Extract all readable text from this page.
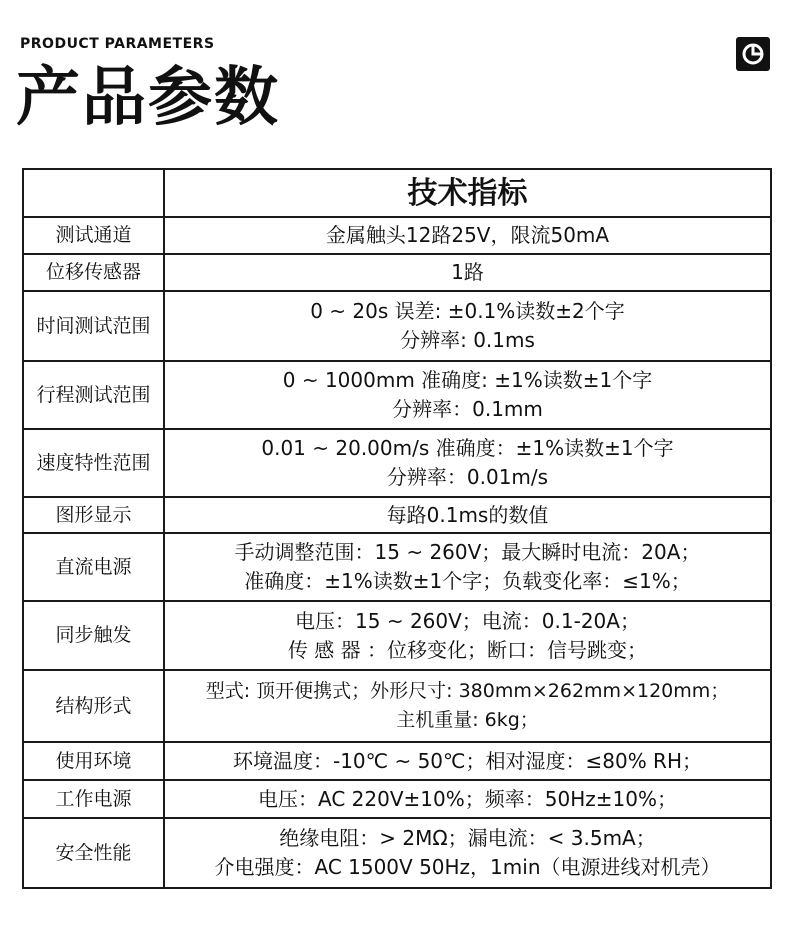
PRODUCT PARAMETERS
产品参数
	技术指标
测试通道	金属触头12路25V，限流50mA

位移传感器	1路

时间测试范围	0 ~ 20s 误差: ±0.1%读数±2个字
分辨率: 0.1ms

行程测试范围	0 ~ 1000mm 准确度: ±1%读数±1个字
分辨率：0.1mm

速度特性范围	0.01 ~ 20.00m/s 准确度：±1%读数±1个字
分辨率：0.01m/s

图形显示	每路0.1ms的数值

直流电源	手动调整范围：15 ~ 260V；最大瞬时电流：20A；
准确度：±1%读数±1个字；负载变化率：≤1%；

同步触发	电压：15 ~ 260V；电流：0.1-20A；
传 感 器 ：位移变化；断口：信号跳变；

结构形式	型式: 顶开便携式；外形尺寸: 380mm×262mm×120mm；
主机重量: 6kg；

使用环境	环境温度：-10℃ ~ 50℃；相对湿度：≤80% RH；

工作电源	电压：AC 220V±10%；频率：50Hz±10%；

安全性能	绝缘电阻：> 2MΩ；漏电流：< 3.5mA；
介电强度：AC 1500V 50Hz，1min（电源进线对机壳）
